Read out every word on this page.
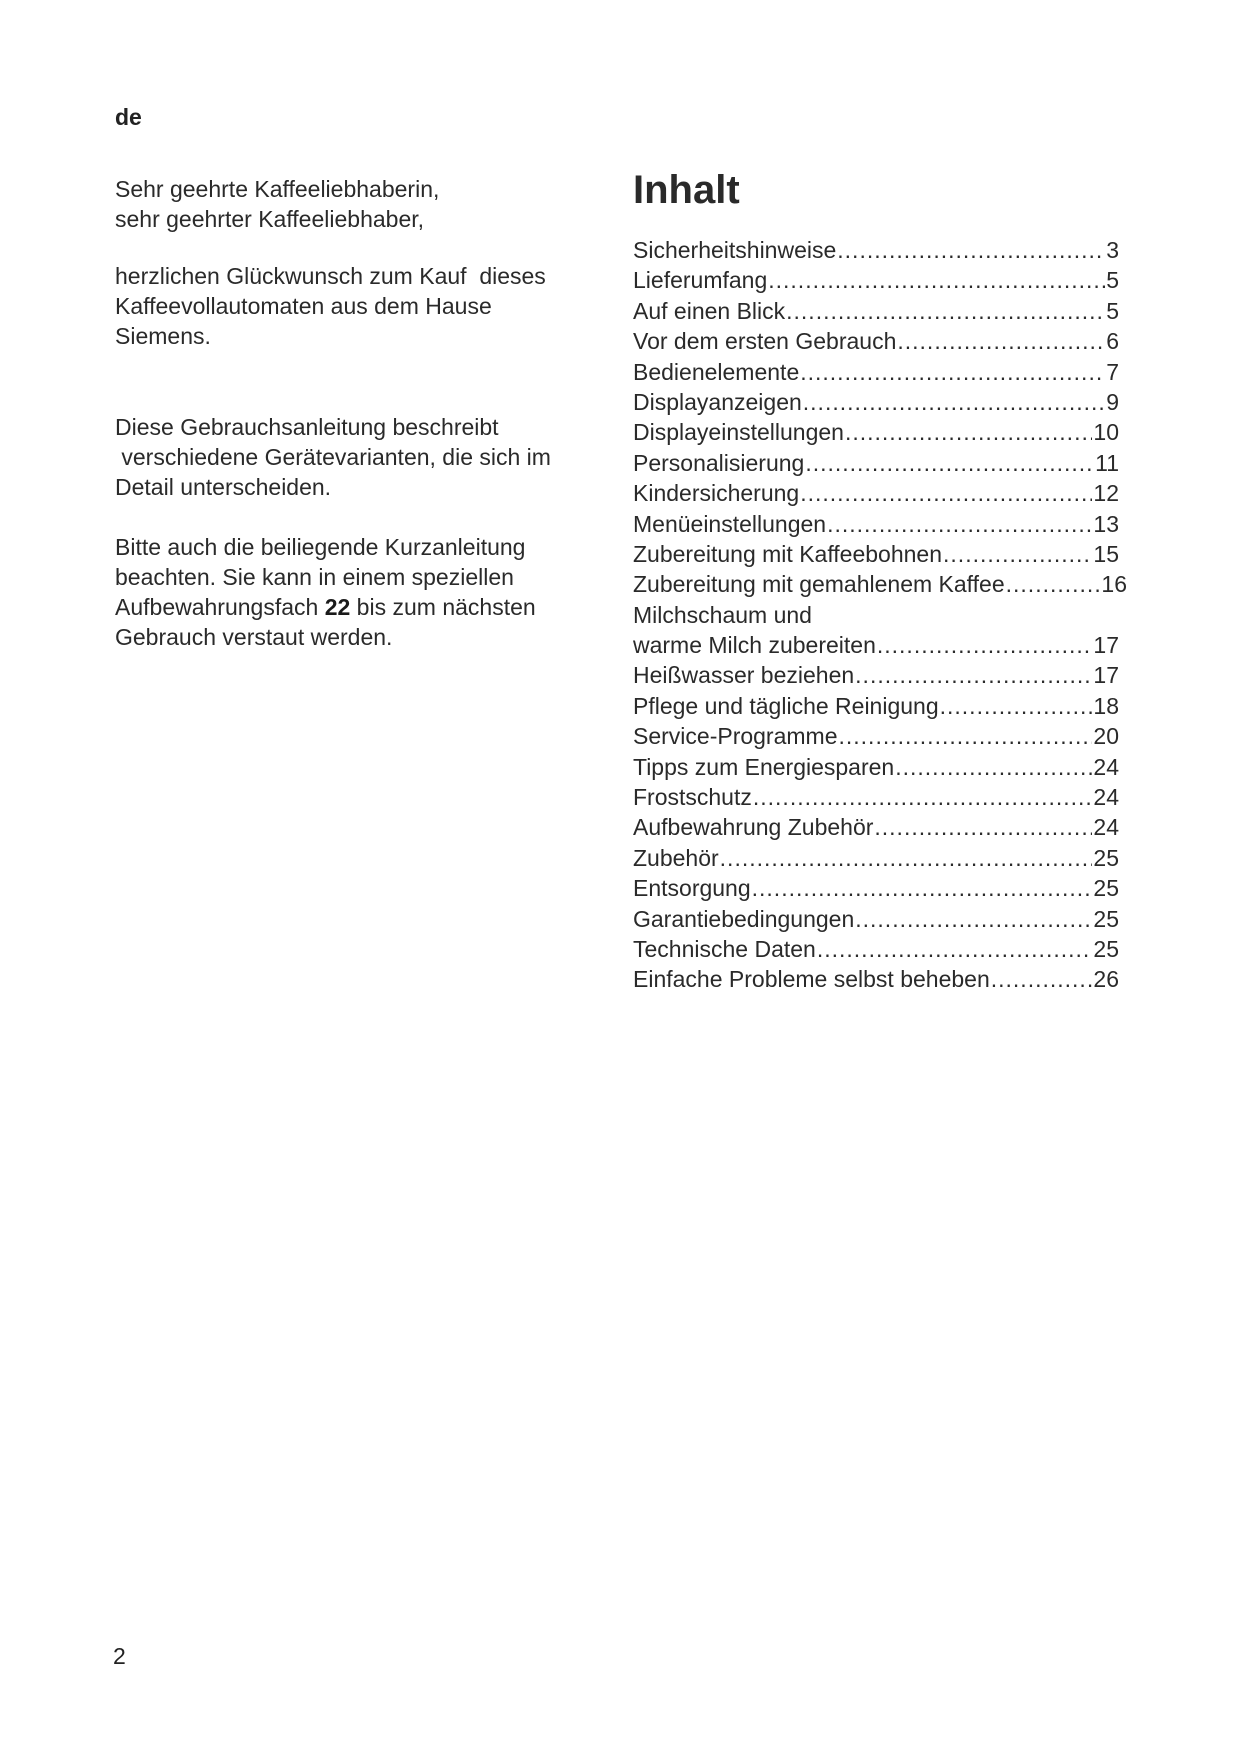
de

Sehr geehrte Kaffeeliebhaberin,
sehr geehrter Kaffeeliebhaber,

herzlichen Glückwunsch zum Kauf  dieses
Kaffeevollautomaten aus dem Hause
Siemens.

Diese Gebrauchsanleitung beschreibt
verschiedene Gerätevarianten, die sich im
Detail unterscheiden.

Bitte auch die beiliegende Kurzanleitung
beachten. Sie kann in einem speziellen
Aufbewahrungsfach 22 bis zum nächsten
Gebrauch verstaut werden.

Inhalt
Sicherheitshinweise .....	3
Lieferumfang .....	5
Auf einen Blick .....	5
Vor dem ersten Gebrauch .....	6
Bedienelemente .....	7
Displayanzeigen .....	9
Displayeinstellungen .....	10
Personalisierung .....	11
Kindersicherung .....	12
Menüeinstellungen .....	13
Zubereitung mit Kaffeebohnen .....	15
Zubereitung mit gemahlenem Kaffee .....	16
Milchschaum und
warme Milch zubereiten .....	17
Heißwasser beziehen .....	17
Pflege und tägliche Reinigung .....	18
Service-Programme .....	20
Tipps zum Energiesparen .....	24
Frostschutz .....	24
Aufbewahrung Zubehör .....	24
Zubehör .....	25
Entsorgung .....	25
Garantiebedingungen .....	25
Technische Daten .....	25
Einfache Probleme selbst beheben .....	26
2
